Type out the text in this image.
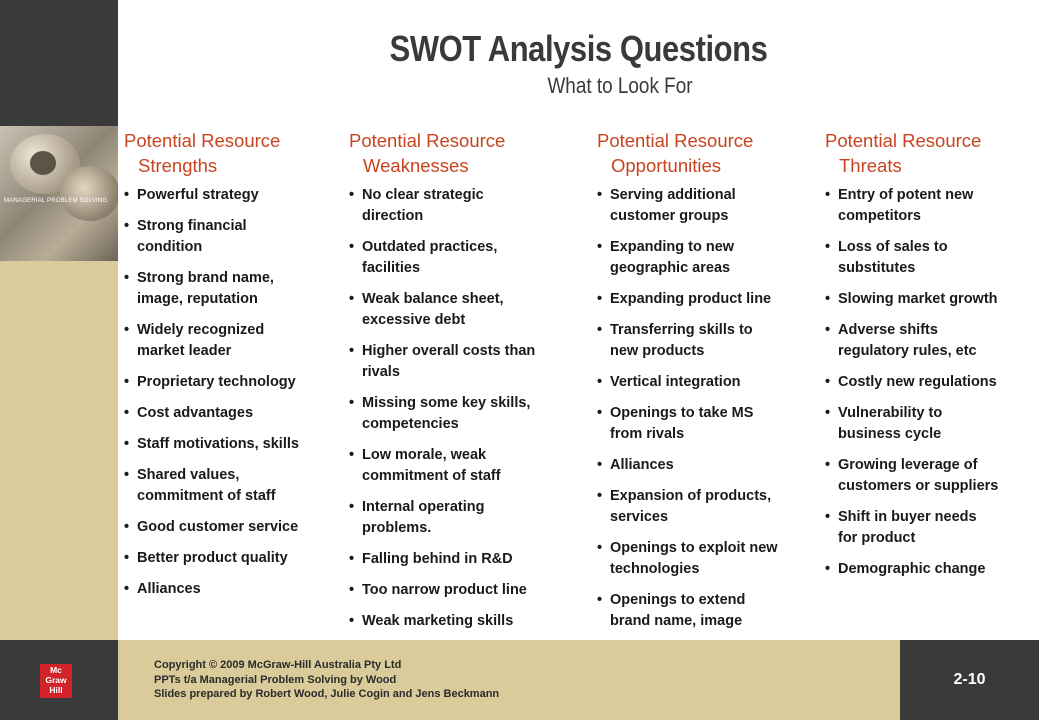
MANAGERIAL PROBLEM SOLVING
SWOT Analysis Questions
What to Look For
Potential Resource
Strengths
• Powerful strategy
• Strong financial
condition
• Strong brand name,
image, reputation
• Widely recognized
market leader
• Proprietary technology
• Cost advantages
• Staff motivations, skills
• Shared values,
commitment of staff
• Good customer service
• Better product quality
• Alliances
Potential Resource
Weaknesses
• No clear strategic
direction
• Outdated practices,
facilities
• Weak balance sheet,
excessive debt
• Higher overall costs than
rivals
• Missing some key skills,
competencies
• Low morale, weak
commitment of staff
• Internal operating
problems.
• Falling behind in R&D
• Too narrow product line
• Weak marketing skills
Potential Resource
Opportunities
• Serving additional
customer groups
• Expanding to new
geographic areas
• Expanding product line
• Transferring skills to
new products
• Vertical integration
• Openings to take MS
from rivals
• Alliances
• Expansion of products,
services
• Openings to exploit new
technologies
• Openings to extend
brand name, image
Potential Resource
Threats
• Entry of potent new
competitors
• Loss of sales to
substitutes
• Slowing market growth
• Adverse shifts
regulatory rules, etc
• Costly new regulations
• Vulnerability to
business cycle
• Growing leverage of
customers or suppliers
• Shift in buyer needs
for product
• Demographic change
Mc
Graw
Hill
Copyright © 2009 McGraw-Hill Australia Pty Ltd
PPTs t/a Managerial Problem Solving by Wood
Slides prepared by Robert Wood, Julie Cogin and Jens Beckmann
2-10
